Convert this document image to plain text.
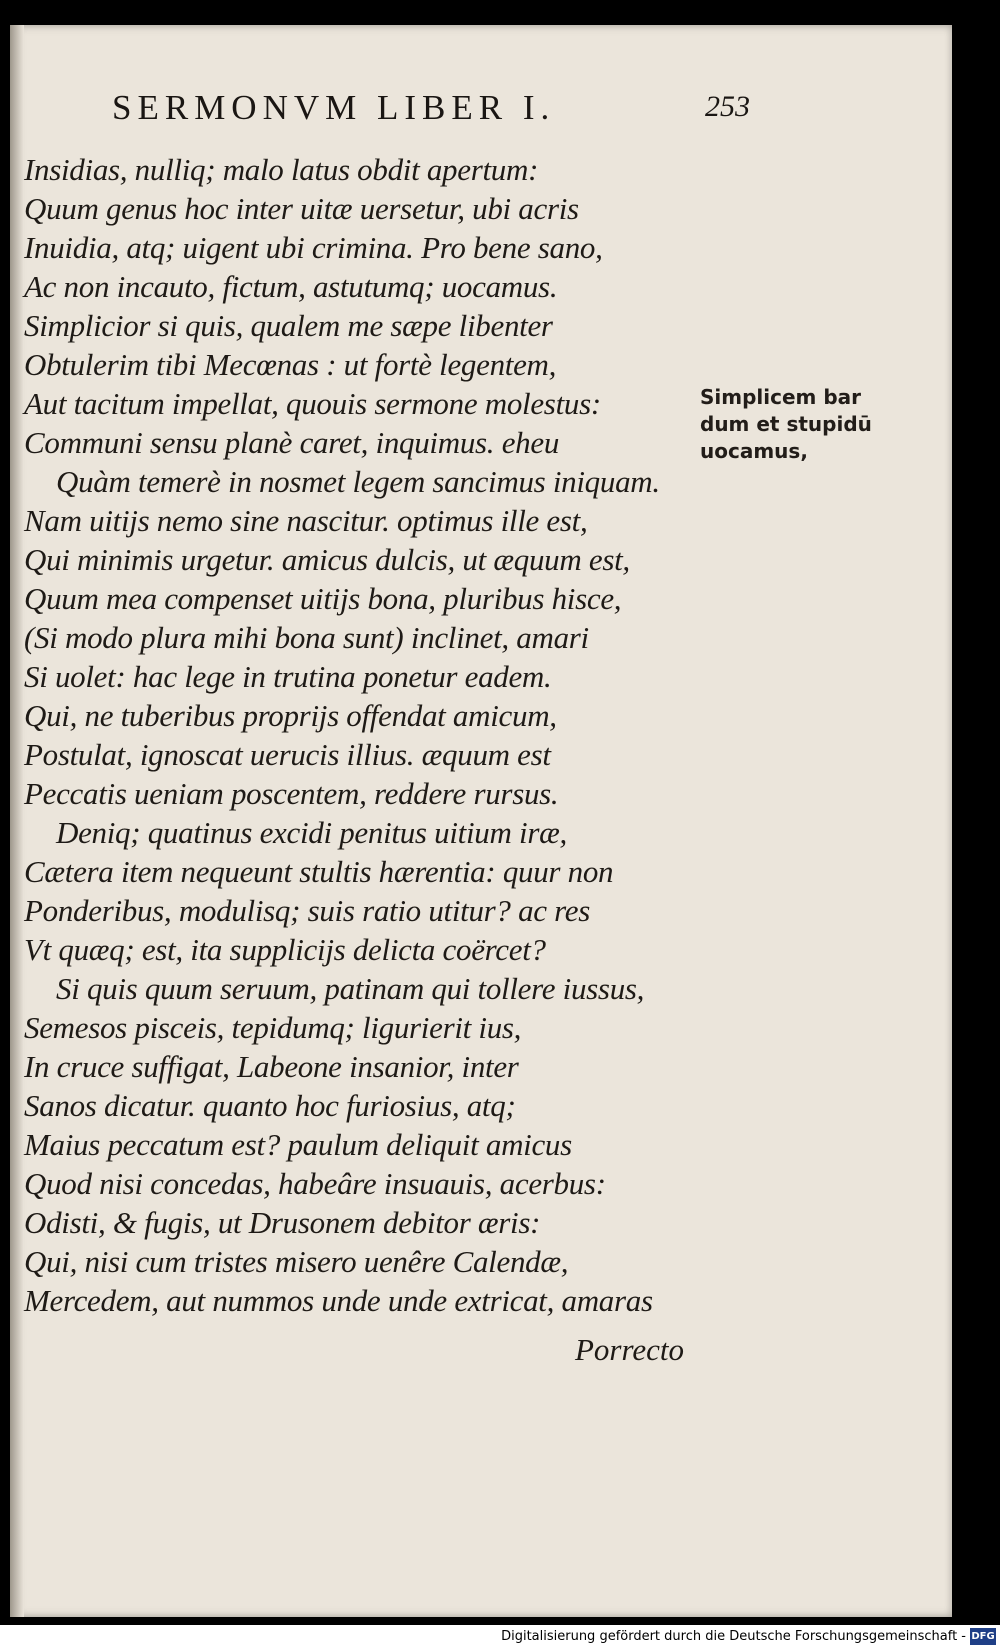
SERMONVM LIBER I.	253
Insidias, nulliq; malo latus obdit apertum:
Quum genus hoc inter uitæ uersetur, ubi acris
Inuidia, atq; uigent ubi crimina. Pro bene sano,
Ac non incauto, fictum, astutumq; uocamus.
Simplicior si quis, qualem me sæpe libenter
Obtulerim tibi Mecœnas : ut fortè legentem,
Aut tacitum impellat, quouis sermone molestus:
Communi sensu planè caret, inquimus. eheu
Quàm temerè in nosmet legem sancimus iniquam.
Nam uitijs nemo sine nascitur. optimus ille est,
Qui minimis urgetur. amicus dulcis, ut æquum est,
Quum mea compenset uitijs bona, pluribus hisce,
(Si modo plura mihi bona sunt) inclinet, amari
Si uolet: hac lege in trutina ponetur eadem.
Qui, ne tuberibus proprijs offendat amicum,
Postulat, ignoscat uerucis illius. æquum est
Peccatis ueniam poscentem, reddere rursus.
Deniq; quatinus excidi penitus uitium iræ,
Cætera item nequeunt stultis hærentia: quur non
Ponderibus, modulisq; suis ratio utitur? ac res
Vt quæq; est, ita supplicijs delicta coërcet?
Si quis quum seruum, patinam qui tollere iussus,
Semesos pisceis, tepidumq; ligurierit ius,
In cruce suffigat, Labeone insanior, inter
Sanos dicatur. quanto hoc furiosius, atq;
Maius peccatum est? paulum deliquit amicus
Quod nisi concedas, habeâre insuauis, acerbus:
Odisti, & fugis, ut Drusonem debitor æris:
Qui, nisi cum tristes misero uenêre Calendæ,
Mercedem, aut nummos unde unde extricat, amaras
Porrecto
Simplicem bar
dum et stupidū
uocamus,
Digitalisierung gefördert durch die Deutsche Forschungsgemeinschaft - DFG
